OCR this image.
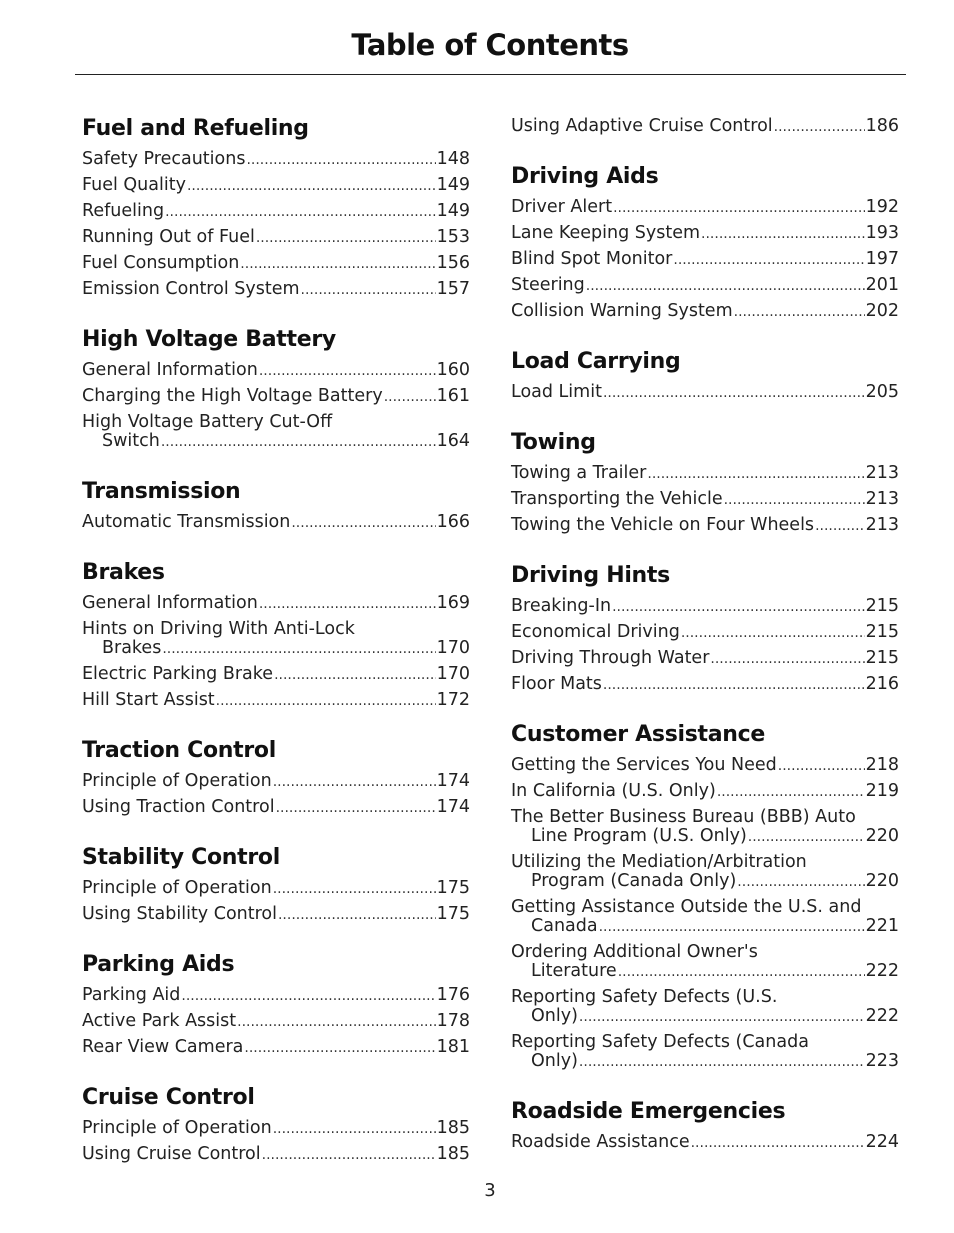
Table of Contents
Fuel and Refueling
Safety Precautions .....	148
Fuel Quality .....	149
Refueling .....	149
Running Out of Fuel .....	153
Fuel Consumption .....	156
Emission Control System .....	157
High Voltage Battery
General Information .....	160
Charging the High Voltage Battery .....	161
High Voltage Battery Cut-Off
Switch .....	164
Transmission
Automatic Transmission .....	166
Brakes
General Information .....	169
Hints on Driving With Anti-Lock
Brakes .....	170
Electric Parking Brake .....	170
Hill Start Assist .....	172
Traction Control
Principle of Operation .....	174
Using Traction Control .....	174
Stability Control
Principle of Operation .....	175
Using Stability Control .....	175
Parking Aids
Parking Aid .....	176
Active Park Assist .....	178
Rear View Camera .....	181
Cruise Control
Principle of Operation .....	185
Using Cruise Control .....	185
Using Adaptive Cruise Control .....	186
Driving Aids
Driver Alert .....	192
Lane Keeping System .....	193
Blind Spot Monitor .....	197
Steering .....	201
Collision Warning System .....	202
Load Carrying
Load Limit .....	205
Towing
Towing a Trailer .....	213
Transporting the Vehicle .....	213
Towing the Vehicle on Four Wheels .....	213
Driving Hints
Breaking-In .....	215
Economical Driving .....	215
Driving Through Water .....	215
Floor Mats .....	216
Customer Assistance
Getting the Services You Need .....	218
In California (U.S. Only) .....	219
The Better Business Bureau (BBB) Auto
Line Program (U.S. Only) .....	220
Utilizing the Mediation/Arbitration
Program (Canada Only) .....	220
Getting Assistance Outside the U.S. and
Canada .....	221
Ordering Additional Owner's
Literature .....	222
Reporting Safety Defects (U.S.
Only) .....	222
Reporting Safety Defects (Canada
Only) .....	223
Roadside Emergencies
Roadside Assistance .....	224
3
